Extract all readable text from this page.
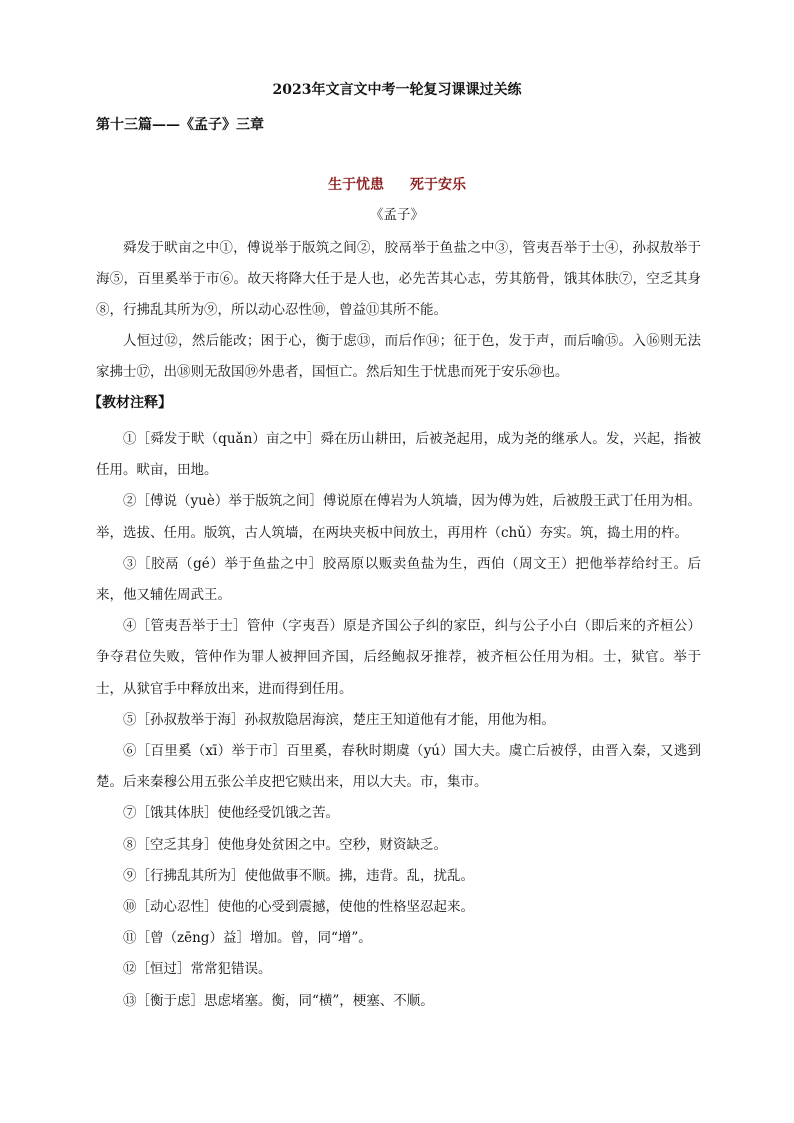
2023年文言文中考一轮复习课课过关练
第十三篇——《孟子》三章
生于忧患 死于安乐
《孟子》

舜发于畎亩之中①，傅说举于版筑之间②，胶鬲举于鱼盐之中③，管夷吾举于士④，孙叔敖举于海⑤，百里奚举于市⑥。故天将降大任于是人也，必先苦其心志，劳其筋骨，饿其体肤⑦，空乏其身⑧，行拂乱其所为⑨，所以动心忍性⑩，曾益⑪其所不能。

人恒过⑫，然后能改；困于心，衡于虑⑬，而后作⑭；征于色，发于声，而后喻⑮。入⑯则无法家拂士⑰，出⑱则无敌国⑲外患者，国恒亡。然后知生于忧患而死于安乐⑳也。

【教材注释】

①［舜发于畎（quǎn）亩之中］舜在历山耕田，后被尧起用，成为尧的继承人。发，兴起，指被任用。畎亩，田地。

②［傅说（yuè）举于版筑之间］傅说原在傅岩为人筑墙，因为傅为姓，后被殷王武丁任用为相。举，选拔、任用。版筑，古人筑墙，在两块夹板中间放土，再用杵（chǔ）夯实。筑，捣土用的杵。

③［胶鬲（gé）举于鱼盐之中］胶鬲原以贩卖鱼盐为生，西伯（周文王）把他举荐给纣王。后来，他又辅佐周武王。

④［管夷吾举于士］管仲（字夷吾）原是齐国公子纠的家臣，纠与公子小白（即后来的齐桓公）争夺君位失败，管仲作为罪人被押回齐国，后经鲍叔牙推荐，被齐桓公任用为相。士，狱官。举于士，从狱官手中释放出来，进而得到任用。

⑤［孙叔敖举于海］孙叔敖隐居海滨，楚庄王知道他有才能，用他为相。

⑥［百里奚（xī）举于市］百里奚，春秋时期虞（yú）国大夫。虞亡后被俘，由晋入秦，又逃到楚。后来秦穆公用五张公羊皮把它赎出来，用以大夫。市，集市。

⑦［饿其体肤］使他经受饥饿之苦。

⑧［空乏其身］使他身处贫困之中。空秒，财资缺乏。

⑨［行拂乱其所为］使他做事不顺。拂，违背。乱，扰乱。

⑩［动心忍性］使他的心受到震撼，使他的性格坚忍起来。

⑪［曾（zēng）益］增加。曾，同“增”。

⑫［恒过］常常犯错误。

⑬［衡于虑］思虑堵塞。衡，同“横”，梗塞、不顺。
